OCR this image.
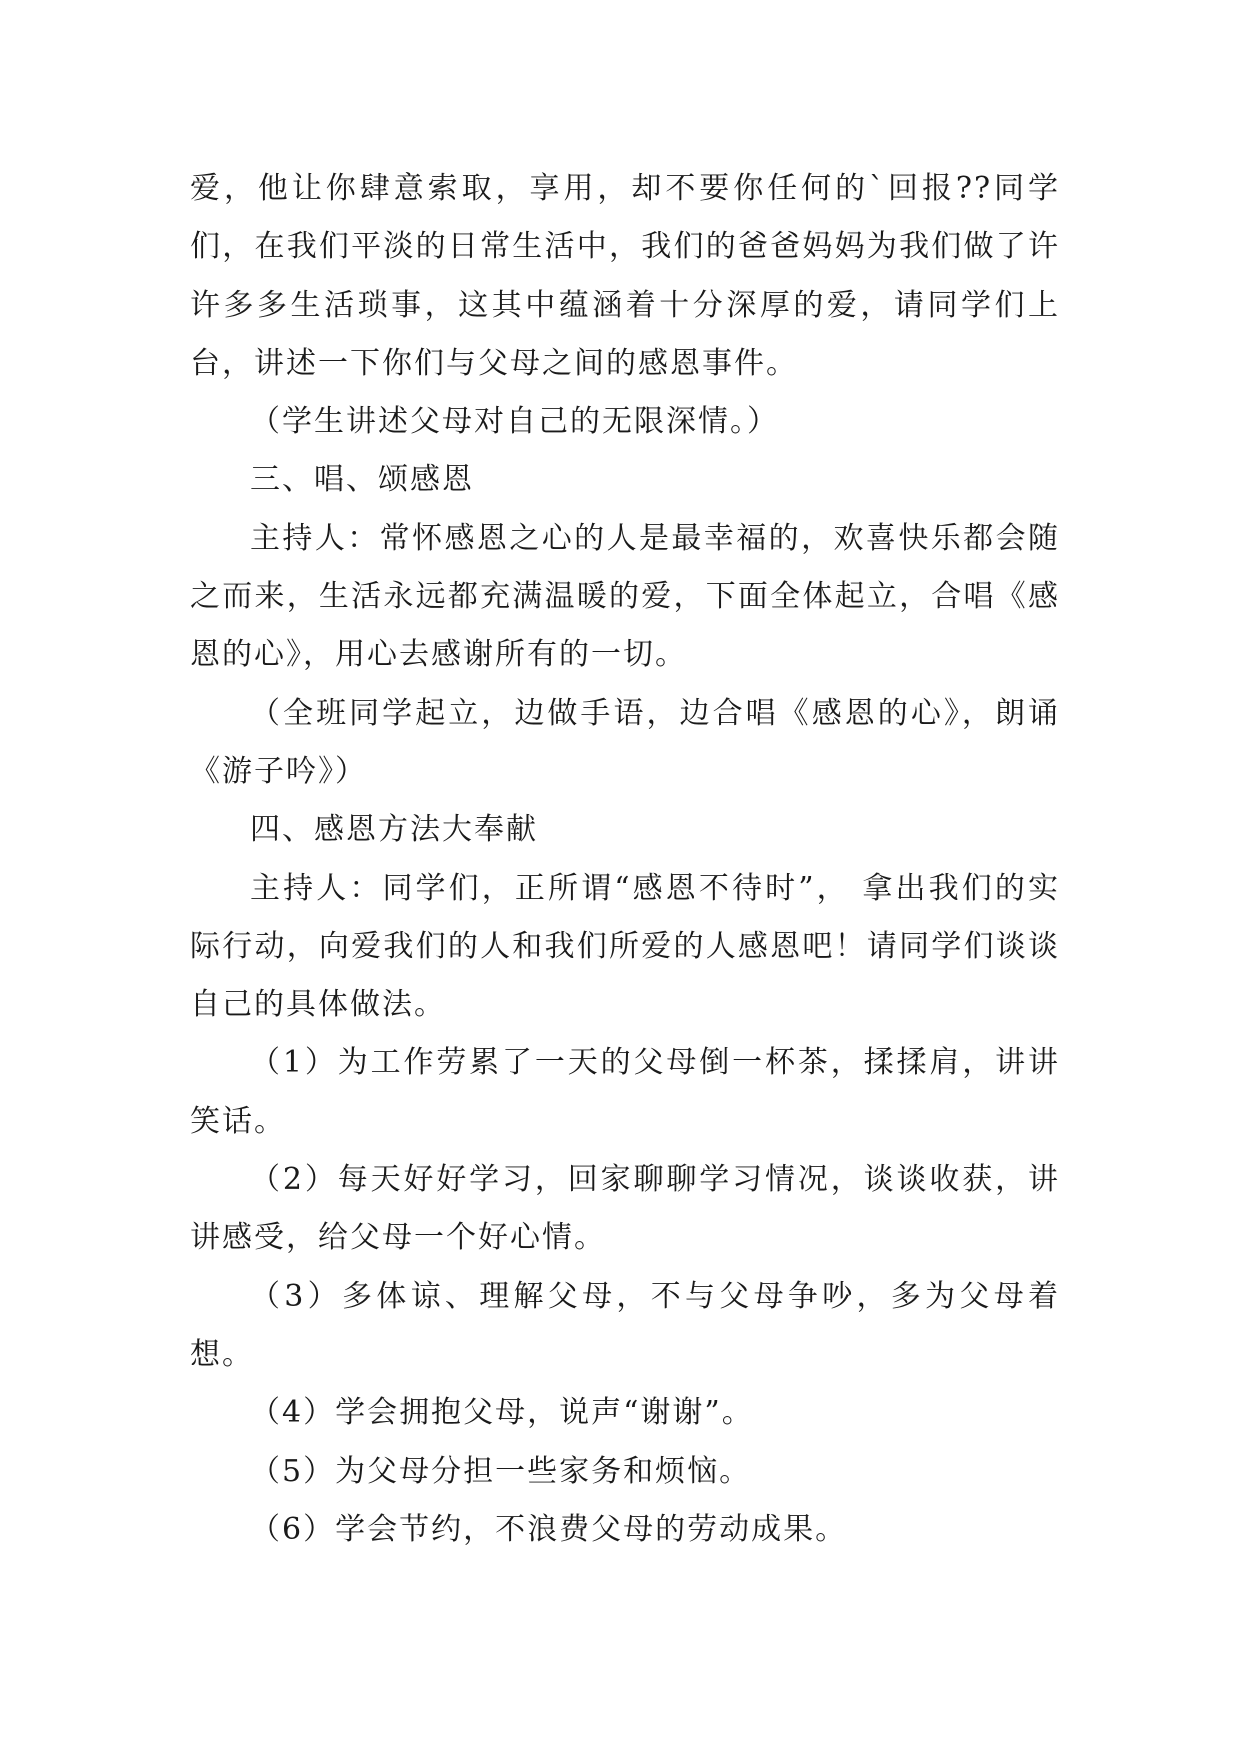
爱，他让你肆意索取，享用，却不要你任何的`回报??同学们，在我们平淡的日常生活中，我们的爸爸妈妈为我们做了许许多多生活琐事，这其中蕴涵着十分深厚的爱，请同学们上台，讲述一下你们与父母之间的感恩事件。

（学生讲述父母对自己的无限深情。）

三、唱、颂感恩

主持人：常怀感恩之心的人是最幸福的，欢喜快乐都会随之而来，生活永远都充满温暖的爱，下面全体起立，合唱《感恩的心》，用心去感谢所有的一切。

（全班同学起立，边做手语，边合唱《感恩的心》，朗诵《游子吟》）

四、感恩方法大奉献

主持人：同学们，正所谓“感恩不待时”， 拿出我们的实际行动，向爱我们的人和我们所爱的人感恩吧！请同学们谈谈自己的具体做法。

（1）为工作劳累了一天的父母倒一杯茶，揉揉肩，讲讲笑话。

（2）每天好好学习，回家聊聊学习情况，谈谈收获，讲讲感受，给父母一个好心情。

（3）多体谅、理解父母，不与父母争吵，多为父母着想。

（4）学会拥抱父母，说声“谢谢”。

（5）为父母分担一些家务和烦恼。

（6）学会节约，不浪费父母的劳动成果。
